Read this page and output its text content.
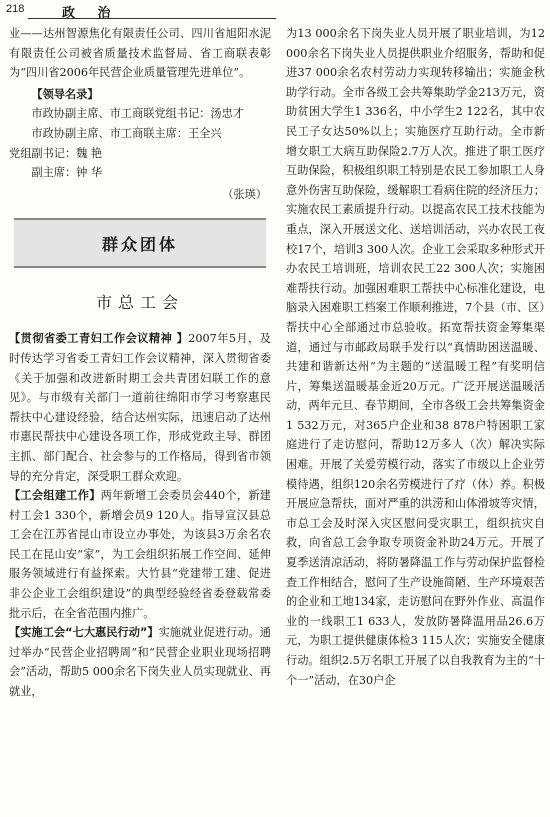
218	政 治

业——达州智源焦化有限责任公司、四川省旭阳水泥有限责任公司被省质量技术监督局、省工商联表彰为“四川省2006年民营企业质量管理先进单位”。

【领导名录】

市政协副主席、市工商联党组书记：汤忠才

市政协副主席、市工商联主席：王全兴

党组副书记：魏 艳

副主席：钟 华

（张瑛）
群众团体
市总工会

【贯彻省委工青妇工作会议精神 】2007年5月，及时传达学习省委工青妇工作会议精神，深入贯彻省委《关于加强和改进新时期工会共青团妇联工作的意见》。与市级有关部门一道前往绵阳市学习考察惠民帮扶中心建设经验，结合达州实际，迅速启动了达州市惠民帮扶中心建设各项工作，形成党政主导、群团主抓、部门配合、社会参与的工作格局，得到省市领导的充分肯定，深受职工群众欢迎。

【工会组建工作】两年新增工会委员会440个，新建村工会1 330个，新增会员9 120人。指导宣汉县总工会在江苏省昆山市设立办事处，为该县3万余名农民工在昆山安“家”，为工会组织拓展工作空间、延伸服务领域进行有益探索。大竹县“党建带工建、促进非公企业工会组织建设”的典型经验经省委登载常委批示后，在全省范围内推广。

【实施工会“七大惠民行动”】实施就业促进行动。通过举办“民营企业招聘周”和“民营企业职业现场招聘会”活动，帮助5 000余名下岗失业人员实现就业、再就业，

为13 000余名下岗失业人员开展了职业培训，为12 000余名下岗失业人员提供职业介绍服务，帮助和促进37 000余名农村劳动力实现转移输出；实施金秋助学行动。全市各级工会共筹集助学金213万元，资助贫困大学生1 336名，中小学生2 122名，其中农民工子女达50%以上；实施医疗互助行动。全市新增女职工大病互助保险2.7万人次。推进了职工医疗互助保险，积极组织职工特别是农民工参加职工人身意外伤害互助保险，缓解职工看病住院的经济压力；实施农民工素质提升行动。以提高农民工技术技能为重点，深入开展送文化、送培训活动，兴办农民工夜校17个，培训3 300人次。企业工会采取多种形式开办农民工培训班，培训农民工22 300人次；实施困难帮扶行动。加强困难职工帮扶中心标准化建设，电脑录入困难职工档案工作顺利推进，7个县（市、区）帮扶中心全部通过市总验收。拓宽帮扶资金筹集渠道，通过与市邮政局联手发行以“真情助困送温暖、共建和谐新达州”为主题的“送温暖工程”有奖明信片，筹集送温暖基金近20万元。广泛开展送温暖活动，两年元旦、春节期间，全市各级工会共筹集资金1 532万元，对365户企业和38 878户特困职工家庭进行了走访慰问，帮助12万多人（次）解决实际困难。开展了关爱劳模行动，落实了市级以上企业劳模待遇，组织120余名劳模进行了疗（休）养。积极开展应急帮扶，面对严重的洪涝和山体滑坡等灾情，市总工会及时深入灾区慰问受灾职工，组织抗灾自救，向省总工会争取专项资金补助24万元。开展了夏季送清凉活动，将防暑降温工作与劳动保护监督检查工作相结合，慰问了生产设施简陋、生产环境艰苦的企业和工地134家，走访慰问在野外作业、高温作业的一线职工1 633人，发放防暑降温用品26.6万元，为职工提供健康体检3 115人次；实施安全健康行动。组织2.5万名职工开展了以自我教育为主的“十个一”活动，在30户企
